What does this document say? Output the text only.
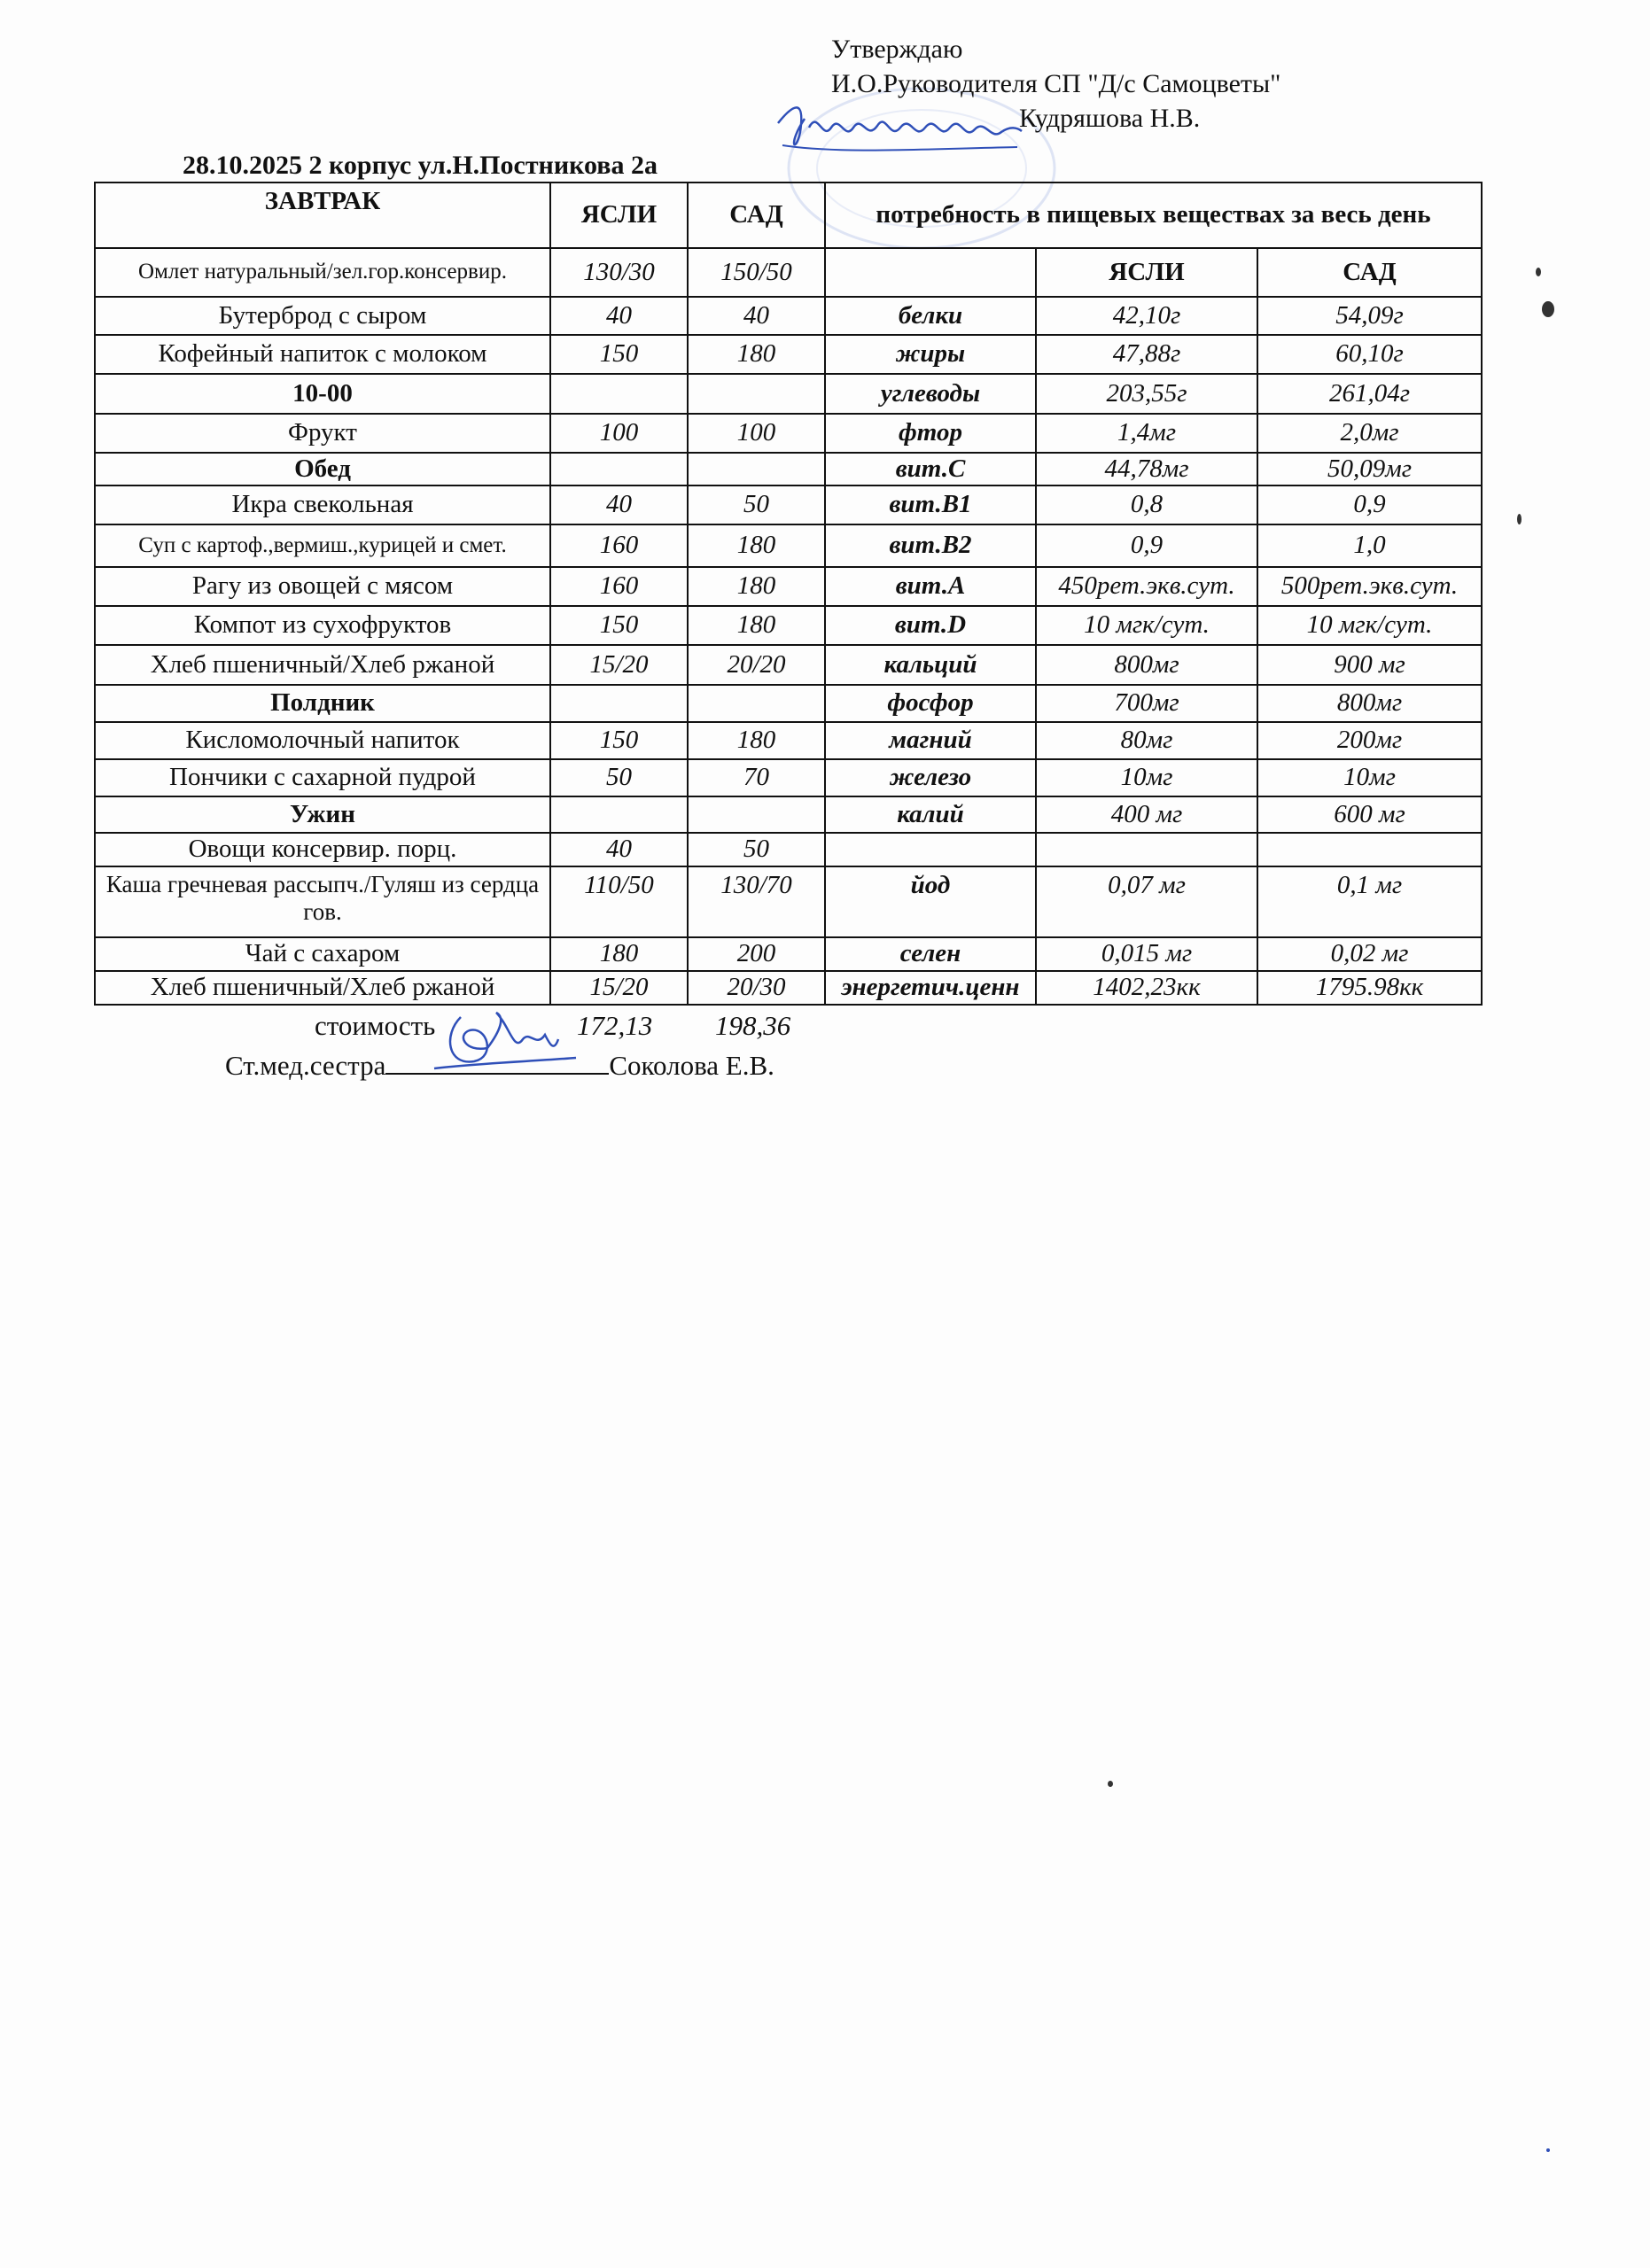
Утверждаю
И.О.Руководителя СП "Д/с Самоцветы"
Кудряшова Н.В.
28.10.2025 2 корпус ул.Н.Постникова 2а
ЗАВТРАК	ЯСЛИ	САД	потребность в пищевых веществах за весь день		
Омлет натуральный/зел.гор.консервир.	130/30	150/50		ЯСЛИ	САД
Бутерброд с сыром	40	40	белки	42,10г	54,09г
Кофейный напиток с молоком	150	180	жиры	47,88г	60,10г
10-00			углеводы	203,55г	261,04г
Фрукт	100	100	фтор	1,4мг	2,0мг
Обед			вит.С	44,78мг	50,09мг
Икра свекольная	40	50	вит.В1	0,8	0,9
Суп с картоф.,вермиш.,курицей и смет.	160	180	вит.В2	0,9	1,0
Рагу из овощей с мясом	160	180	вит.А	450рет.экв.сут.	500рет.экв.сут.
Компот из сухофруктов	150	180	вит.D	10 мгк/сут.	10 мгк/сут.
Хлеб пшеничный/Хлеб ржаной	15/20	20/20	кальций	800мг	900 мг
Полдник			фосфор	700мг	800мг
Кисломолочный напиток	150	180	магний	80мг	200мг
Пончики с сахарной пудрой	50	70	железо	10мг	10мг
Ужин			калий	400 мг	600 мг
Овощи консервир. порц.	40	50			
Каша гречневая рассыпч./Гуляш из сердца гов.	110/50	130/70	йод	0,07 мг	0,1 мг
Чай с сахаром	180	200	селен	0,015 мг	0,02 мг
Хлеб пшеничный/Хлеб ржаной	15/20	20/30	энергетич.ценн	1402,23кк	1795.98кк
стоимость	172,13 198,36
Ст.мед.сестра	Соколова Е.В.
